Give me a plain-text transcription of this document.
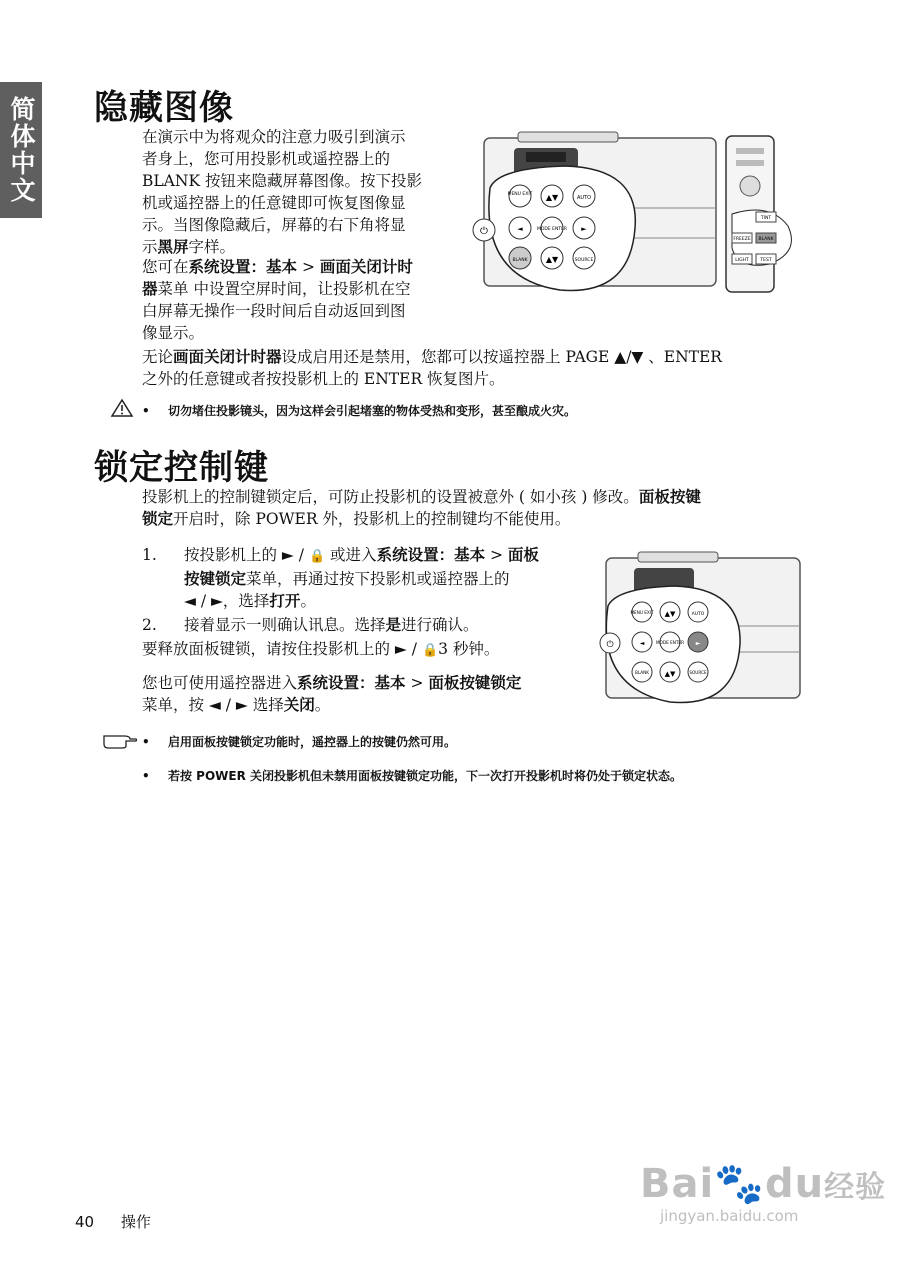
简体中文 隐藏图像
在演示中为将观众的注意力吸引到演示
者身上，您可用投影机或遥控器上的
BLANK 按钮来隐藏屏幕图像。按下投影
机或遥控器上的任意键即可恢复图像显
示。当图像隐藏后，屏幕的右下角将显
示黑屏字样。
您可在系统设置：基本 > 画面关闭计时
器菜单 中设置空屏时间，让投影机在空
白屏幕无操作一段时间后自动返回到图
像显示。
⏻
MENU EXIT ▲▼	AUTO
◄	MODE ENTER ►
BLANK ▲▼	SOURCE
TINT
FREEZE BLANK
LIGHT	TEST
无论画面关闭计时器设成启用还是禁用，您都可以按遥控器上 PAGE ▲/▼ 、ENTER
之外的任意键或者按投影机上的 ENTER 恢复图片。
• 切勿堵住投影镜头，因为这样会引起堵塞的物体受热和变形，甚至酿成火灾。
锁定控制键
投影机上的控制键锁定后，可防止投影机的设置被意外 ( 如小孩 ) 修改。面板按键
锁定开启时，除 POWER 外，投影机上的控制键均不能使用。
1.	按投影机上的 ► / 🔒 或进入系统设置：基本 > 面板
按键锁定菜单，再通过按下投影机或遥控器上的
◄ / ►，选择打开。
2.	接着显示一则确认讯息。选择是进行确认。
要释放面板键锁，请按住投影机上的 ► / 🔒3 秒钟。
您也可使用遥控器进入系统设置：基本 > 面板按键锁定
菜单，按 ◄ / ► 选择关闭。
⏻
MENU EXIT ▲▼	AUTO
◄	MODE ENTER ►
BLANK ▲▼	SOURCE
• 启用面板按键锁定功能时，遥控器上的按键仍然可用。
• 若按 POWER 关闭投影机但未禁用面板按键锁定功能，下一次打开投影机时将仍处于锁定状态。
40 操作
Bai🐾du经验
jingyan.baidu.com
